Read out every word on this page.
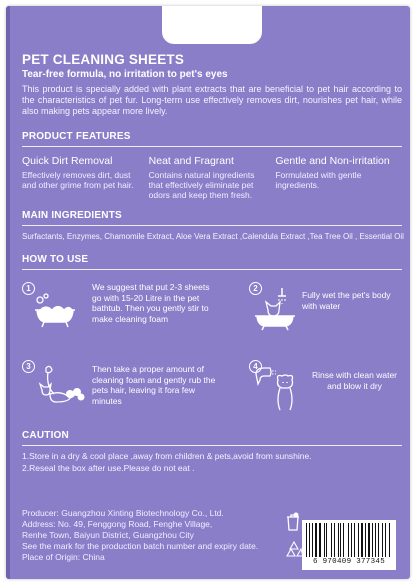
PET CLEANING SHEETS
Tear-free formula, no irritation to pet's eyes
This product is specially added with plant extracts that are beneficial to pet hair according to the characteristics of pet fur. Long-term use effectively removes dirt, nourishes pet hair, while also making pets appear more lively.
PRODUCT FEATURES
Quick Dirt Removal
Effectively removes dirt, dust and other grime from pet hair.
Neat and Fragrant
Contains natural ingredients that effectively eliminate pet odors and keep them fresh.
Gentle and Non-irritation
Formulated with gentle ingredients.
MAIN INGREDIENTS
Surfactants, Enzymes, Chamomile Extract, Aloe Vera Extract ,Calendula Extract ,Tea Tree Oil , Essential Oil
HOW TO USE
1	We suggest that put 2-3 sheets go with 15-20 Litre in the pet bathtub. Then you gently stir to make cleaning foam
2
Fully wet the pet's body with water
3	Then take a proper amount of cleaning foam and gently rub the pets hair, leaving it fora few minutes
4
Rinse with clean water and blow it dry
CAUTION
1.Store in a dry & cool place ,away from children & pets,avoid from sunshine.
2.Reseal the box after use.Please do not eat .
Producer: Guangzhou Xinting Biotechnology Co., Ltd.
Address: No. 49, Fenggong Road, Fenghe Village,
Renhe Town, Baiyun District, Guangzhou City
See the mark for the production batch number and expiry date.
Place of Origin: China	6 970409 377345
